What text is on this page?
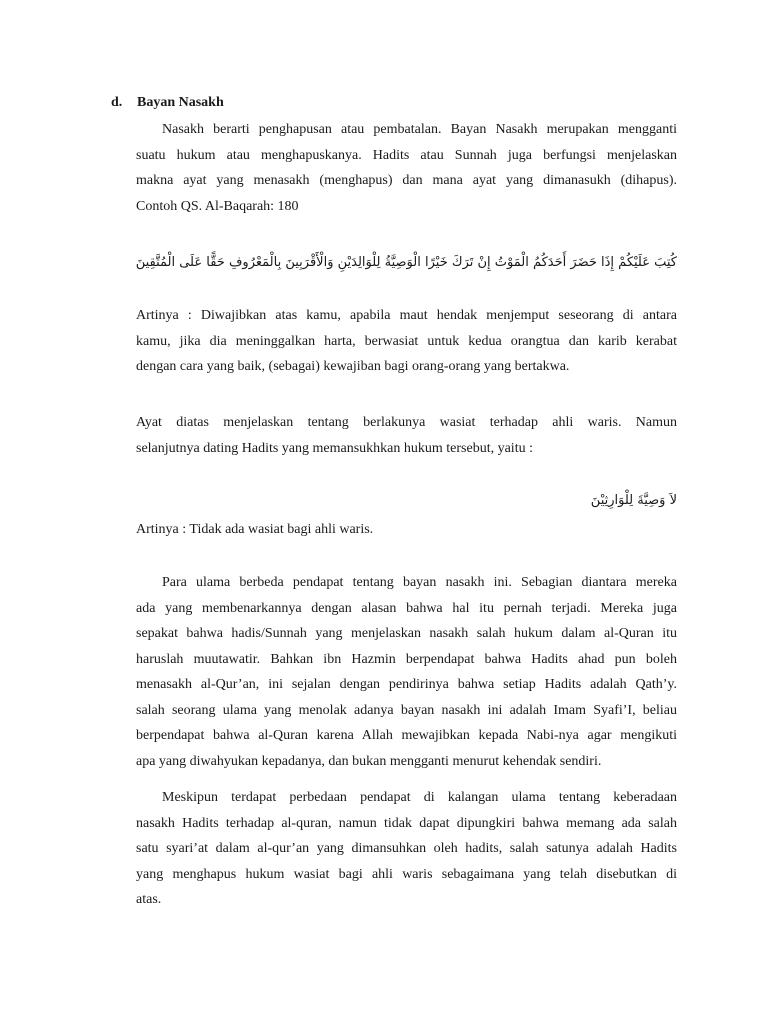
d. Bayan Nasakh
Nasakh berarti penghapusan atau pembatalan. Bayan Nasakh merupakan mengganti
suatu hukum atau menghapuskanya. Hadits atau Sunnah juga berfungsi menjelaskan
makna ayat yang menasakh (menghapus) dan mana ayat yang dimanasukh (dihapus).
Contoh QS. Al-Baqarah: 180
كُتِبَ عَلَيْكُمْ إِذَا حَضَرَ أَحَدَكُمُ الْمَوْتُ إِنْ تَرَكَ خَيْرًا الْوَصِيَّةُ لِلْوَالِدَيْنِ وَالْأَقْرَبِينَ بِالْمَعْرُوفِ حَقًّا عَلَى الْمُتَّقِينَ
Artinya : Diwajibkan atas kamu, apabila maut hendak menjemput seseorang di antara
kamu, jika dia meninggalkan harta, berwasiat untuk kedua orangtua dan karib kerabat
dengan cara yang baik, (sebagai) kewajiban bagi orang-orang yang bertakwa.
Ayat diatas menjelaskan tentang berlakunya wasiat terhadap ahli waris. Namun
selanjutnya dating Hadits yang memansukhkan hukum tersebut, yaitu :
لاَ وَصِيَّةَ لِلْوَارِثِيْنَ
Artinya : Tidak ada wasiat bagi ahli waris.
Para ulama berbeda pendapat tentang bayan nasakh ini. Sebagian diantara mereka
ada yang membenarkannya dengan alasan bahwa hal itu pernah terjadi. Mereka juga
sepakat bahwa hadis/Sunnah yang menjelaskan nasakh salah hukum dalam al-Quran itu
haruslah muutawatir. Bahkan ibn Hazmin berpendapat bahwa Hadits ahad pun boleh
menasakh al-Qur’an, ini sejalan dengan pendirinya bahwa setiap Hadits adalah Qath’y.
salah seorang ulama yang menolak adanya bayan nasakh ini adalah Imam Syafi’I, beliau
berpendapat bahwa al-Quran karena Allah mewajibkan kepada Nabi-nya agar mengikuti
apa yang diwahyukan kepadanya, dan bukan mengganti menurut kehendak sendiri.
Meskipun terdapat perbedaan pendapat di kalangan ulama tentang keberadaan
nasakh Hadits terhadap al-quran, namun tidak dapat dipungkiri bahwa memang ada salah
satu syari’at dalam al-qur’an yang dimansuhkan oleh hadits, salah satunya adalah Hadits
yang menghapus hukum wasiat bagi ahli waris sebagaimana yang telah disebutkan di
atas.
